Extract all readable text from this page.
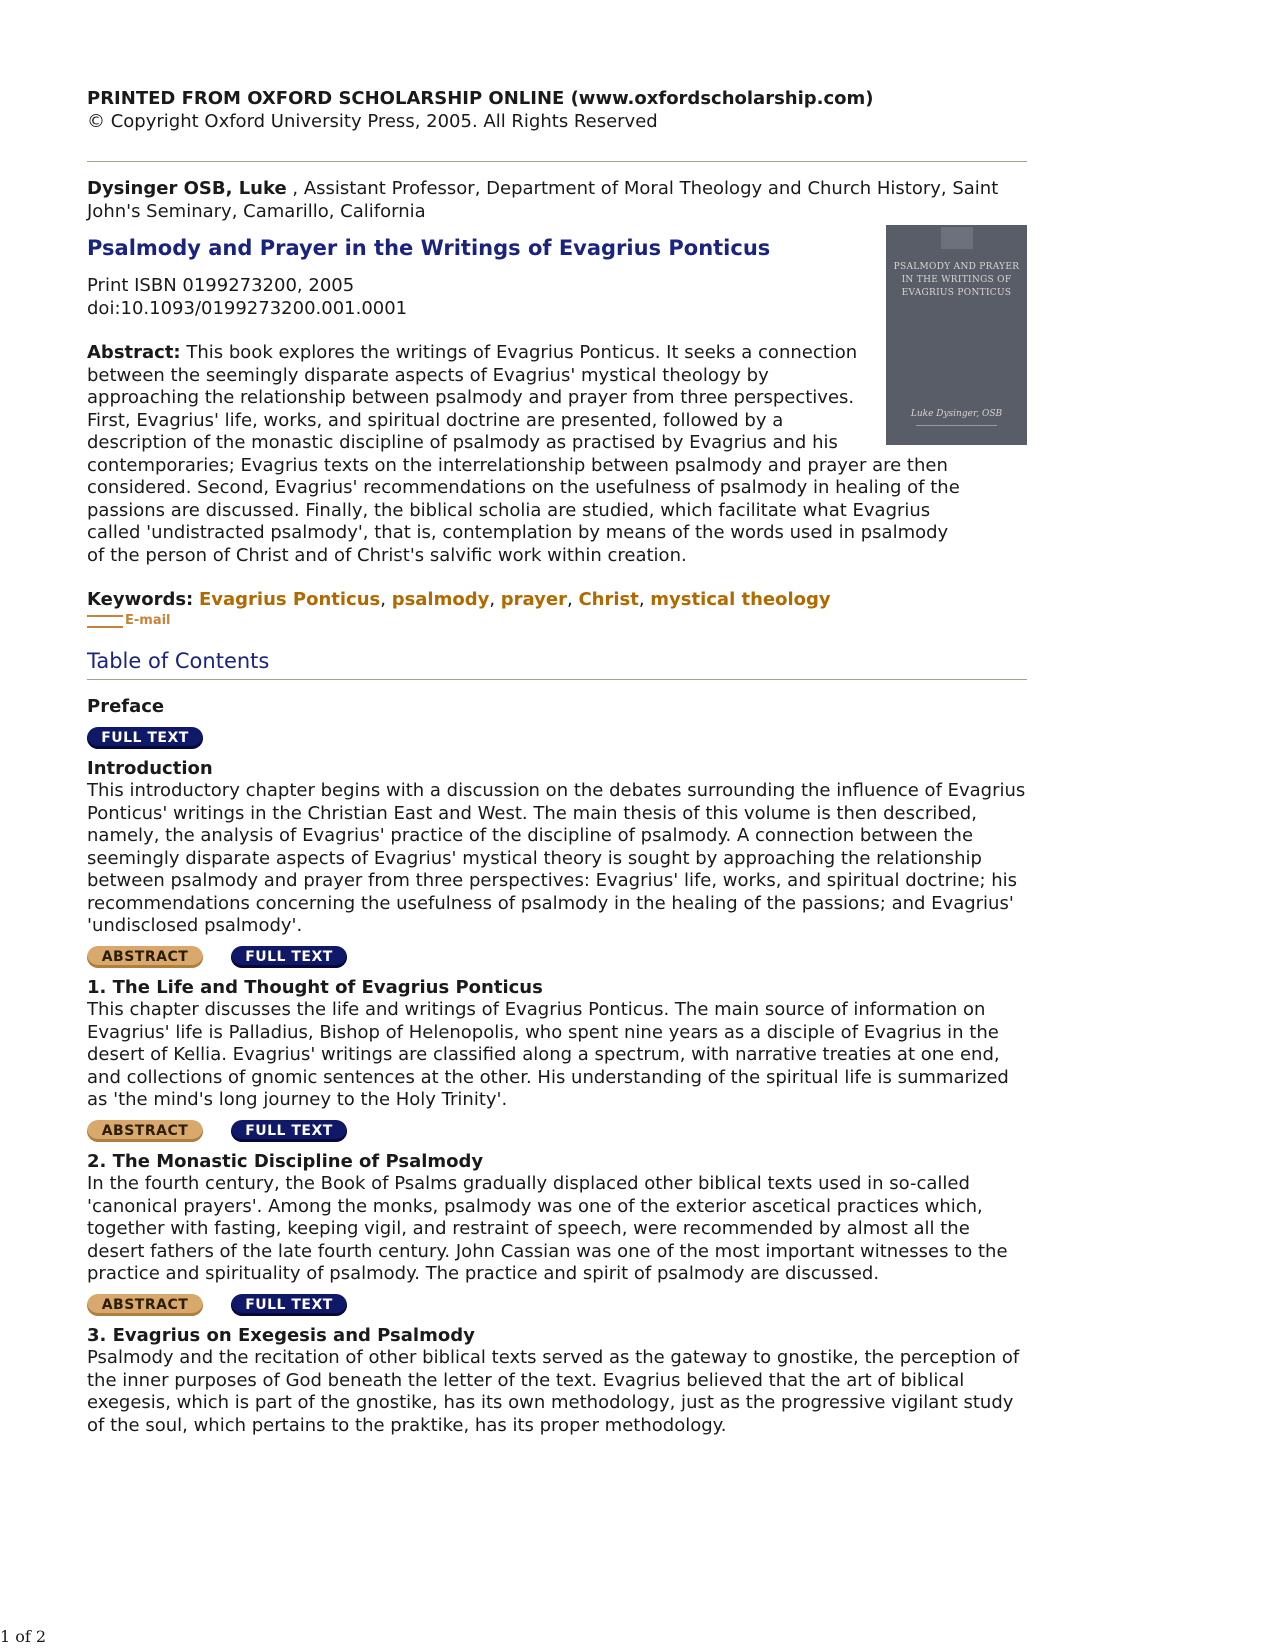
PRINTED FROM OXFORD SCHOLARSHIP ONLINE (www.oxfordscholarship.com)
© Copyright Oxford University Press, 2005. All Rights Reserved
Dysinger OSB, Luke , Assistant Professor, Department of Moral Theology and Church History, Saint John's Seminary, Camarillo, California
PSALMODY AND PRAYER IN THE WRITINGS OF EVAGRIUS PONTICUS
Luke Dysinger, OSB
Psalmody and Prayer in the Writings of Evagrius Ponticus
Print ISBN 0199273200, 2005
doi:10.1093/0199273200.001.0001
Abstract: This book explores the writings of Evagrius Ponticus. It seeks a connection between the seemingly disparate aspects of Evagrius' mystical theology by approaching the relationship between psalmody and prayer from three perspectives. First, Evagrius' life, works, and spiritual doctrine are presented, followed by a description of the monastic discipline of psalmody as practised by Evagrius and his contemporaries; Evagrius texts on the interrelationship between psalmody and prayer are then considered. Second, Evagrius' recommendations on the usefulness of psalmody in healing of the passions are discussed. Finally, the biblical scholia are studied, which facilitate what Evagrius called 'undistracted psalmody', that is, contemplation by means of the words used in psalmody of the person of Christ and of Christ's salvific work within creation.
Keywords: Evagrius Ponticus, psalmody, prayer, Christ, mystical theology
E-mail
Table of Contents
Preface
FULL TEXT
Introduction
This introductory chapter begins with a discussion on the debates surrounding the influence of Evagrius Ponticus' writings in the Christian East and West. The main thesis of this volume is then described, namely, the analysis of Evagrius' practice of the discipline of psalmody. A connection between the seemingly disparate aspects of Evagrius' mystical theory is sought by approaching the relationship between psalmody and prayer from three perspectives: Evagrius' life, works, and spiritual doctrine; his recommendations concerning the usefulness of psalmody in the healing of the passions; and Evagrius' 'undisclosed psalmody'.
ABSTRACT	FULL TEXT
1. The Life and Thought of Evagrius Ponticus
This chapter discusses the life and writings of Evagrius Ponticus. The main source of information on Evagrius' life is Palladius, Bishop of Helenopolis, who spent nine years as a disciple of Evagrius in the desert of Kellia. Evagrius' writings are classified along a spectrum, with narrative treaties at one end, and collections of gnomic sentences at the other. His understanding of the spiritual life is summarized as 'the mind's long journey to the Holy Trinity'.
ABSTRACT	FULL TEXT
2. The Monastic Discipline of Psalmody
In the fourth century, the Book of Psalms gradually displaced other biblical texts used in so-called 'canonical prayers'. Among the monks, psalmody was one of the exterior ascetical practices which, together with fasting, keeping vigil, and restraint of speech, were recommended by almost all the desert fathers of the late fourth century. John Cassian was one of the most important witnesses to the practice and spirituality of psalmody. The practice and spirit of psalmody are discussed.
ABSTRACT	FULL TEXT
3. Evagrius on Exegesis and Psalmody
Psalmody and the recitation of other biblical texts served as the gateway to gnostike, the perception of the inner purposes of God beneath the letter of the text. Evagrius believed that the art of biblical exegesis, which is part of the gnostike, has its own methodology, just as the progressive vigilant study of the soul, which pertains to the praktike, has its proper methodology.
1 of 2
